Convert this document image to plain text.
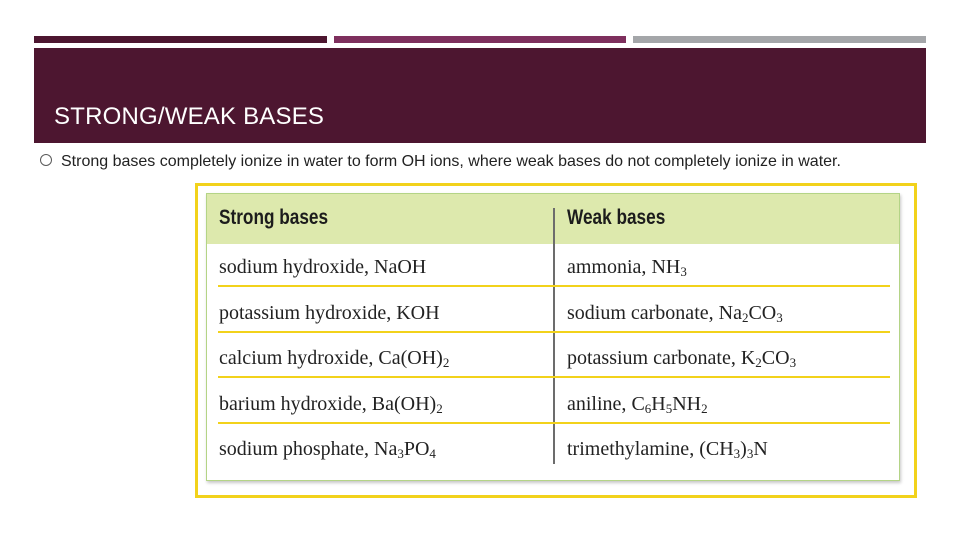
STRONG/WEAK BASES
Strong bases completely ionize in water to form OH ions, where weak bases do not completely ionize in water.
Strong bases	Weak bases
sodium hydroxide, NaOH	ammonia, $NH_3$
potassium hydroxide, KOH	sodium carbonate, $Na_2CO_3$
calcium hydroxide, $Ca(OH)_2$	potassium carbonate, $K_2CO_3$
barium hydroxide, $Ba(OH)_2$	aniline, $C_6H_5NH_2$
sodium phosphate, $Na_3PO_4$	trimethylamine, $(CH_3)_3N$
